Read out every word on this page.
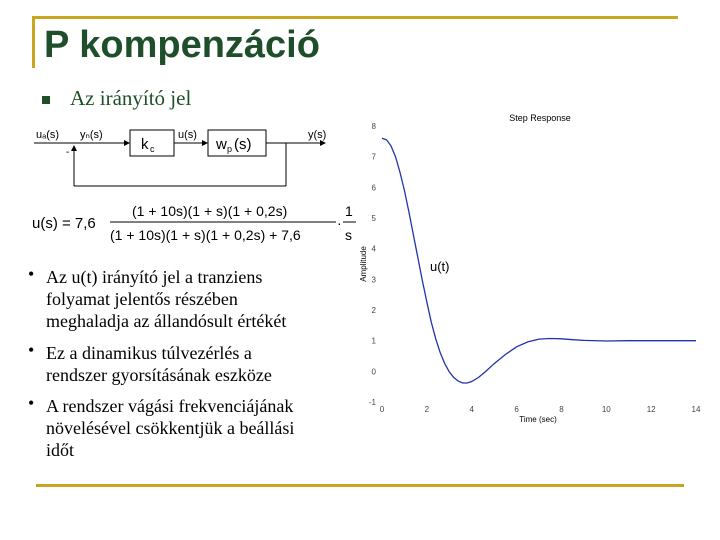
P kompenzáció
Az irányító jel
uₐ(s) yₙ(s)	u(s)	y(s)
-	k c	w p (s)
u(s) = 7,6
(1 + 10s)(1 + s)(1 + 0,2s)
(1 + 10s)(1 + s)(1 + 0,2s) + 7,6
·
1
s
• Az u(t) irányító jel a tranziens
folyamat jelentős részében
meghaladja az állandósult értékét
• Ez a dinamikus túlvezérlés a
rendszer gyorsításának eszköze
• A rendszer vágási frekvenciájának
növelésével csökkentjük a beállási
időt
Step Response
Time (sec)
Amplitude	u(t)
-1
0
1
2
3
4
5
6
7
8
0	2	4	6	8	10	12	14
